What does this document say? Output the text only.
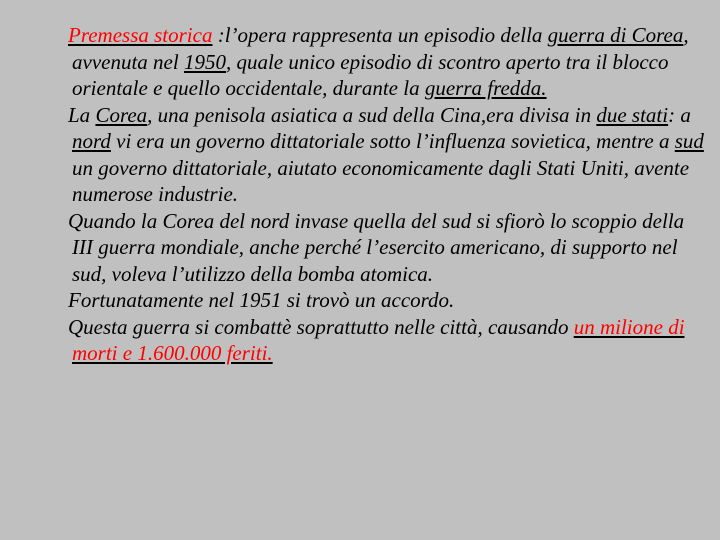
Premessa storica :l’opera rappresenta un episodio della guerra di Corea, avvenuta nel 1950, quale unico episodio di scontro aperto tra il blocco orientale e quello occidentale, durante la guerra fredda.

La Corea, una penisola asiatica a sud della Cina,era divisa in due stati: a nord vi era un governo dittatoriale sotto l’influenza sovietica, mentre a sud un governo dittatoriale, aiutato economicamente dagli Stati Uniti, avente numerose industrie.

Quando la Corea del nord invase quella del sud si sfiorò lo scoppio della III guerra mondiale, anche perché l’esercito americano, di supporto nel sud, voleva l’utilizzo della bomba atomica.

Fortunatamente nel 1951 si trovò un accordo.

Questa guerra si combattè soprattutto nelle città, causando un milione di morti e 1.600.000 feriti.
